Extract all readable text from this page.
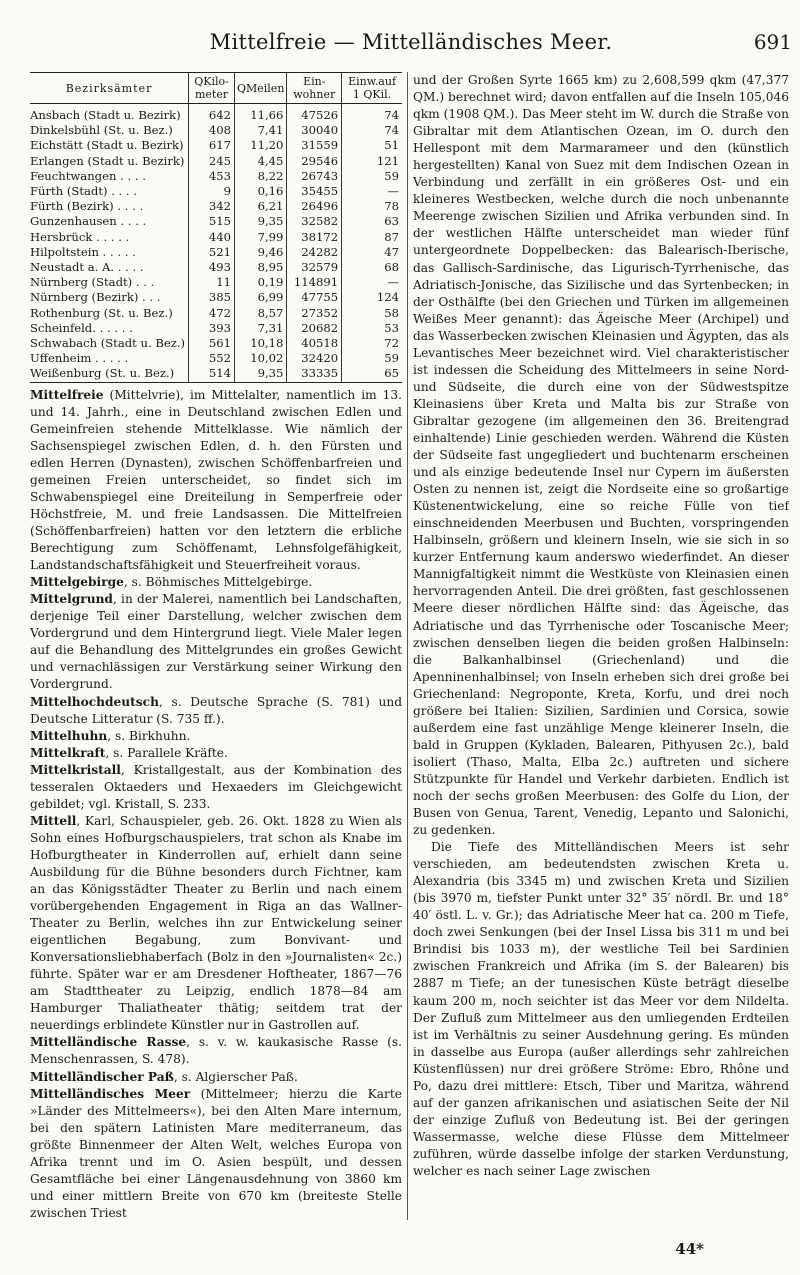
Mittelfreie — Mittelländisches Meer.	691
Bezirksämter	QKilo-meter	QMeilen	Ein-wohner	Einw.auf 1 QKil.
Ansbach (Stadt u. Bezirk)	642	11,66	47526	74
Dinkelsbühl (St. u. Bez.)	408	7,41	30040	74
Eichstätt (Stadt u. Bezirk)	617	11,20	31559	51
Erlangen (Stadt u. Bezirk)	245	4,45	29546	121
Feuchtwangen . . . .	453	8,22	26743	59
Fürth (Stadt) . . . .	9	0,16	35455	—
Fürth (Bezirk) . . . .	342	6,21	26496	78
Gunzenhausen . . . .	515	9,35	32582	63
Hersbrück . . . . .	440	7,99	38172	87
Hilpoltstein . . . . .	521	9,46	24282	47
Neustadt a. A. . . . .	493	8,95	32579	68
Nürnberg (Stadt) . . .	11	0,19	114891	—
Nürnberg (Bezirk) . . .	385	6,99	47755	124
Rothenburg (St. u. Bez.)	472	8,57	27352	58
Scheinfeld. . . . . .	393	7,31	20682	53
Schwabach (Stadt u. Bez.)	561	10,18	40518	72
Uffenheim . . . . .	552	10,02	32420	59
Weißenburg (St. u. Bez.)	514	9,35	33335	65

Mittelfreie (Mittelvrie), im Mittelalter, namentlich im 13. und 14. Jahrh., eine in Deutschland zwischen Edlen und Gemeinfreien stehende Mittelklasse. Wie nämlich der Sachsenspiegel zwischen Edlen, d. h. den Fürsten und edlen Herren (Dynasten), zwischen Schöffenbarfreien und gemeinen Freien unterscheidet, so findet sich im Schwabenspiegel eine Dreiteilung in Semperfreie oder Höchstfreie, M. und freie Landsassen. Die Mittelfreien (Schöffenbarfreien) hatten vor den letztern die erbliche Berechtigung zum Schöffenamt, Lehnsfolgefähigkeit, Landstandschaftsfähigkeit und Steuerfreiheit voraus.

Mittelgebirge, s. Böhmisches Mittelgebirge.

Mittelgrund, in der Malerei, namentlich bei Landschaften, derjenige Teil einer Darstellung, welcher zwischen dem Vordergrund und dem Hintergrund liegt. Viele Maler legen auf die Behandlung des Mittelgrundes ein großes Gewicht und vernachlässigen zur Verstärkung seiner Wirkung den Vordergrund.

Mittelhochdeutsch, s. Deutsche Sprache (S. 781) und Deutsche Litteratur (S. 735 ff.).

Mittelhuhn, s. Birkhuhn.

Mittelkraft, s. Parallele Kräfte.

Mittelkristall, Kristallgestalt, aus der Kombination des tesseralen Oktaeders und Hexaeders im Gleichgewicht gebildet; vgl. Kristall, S. 233.

Mittell, Karl, Schauspieler, geb. 26. Okt. 1828 zu Wien als Sohn eines Hofburgschauspielers, trat schon als Knabe im Hofburgtheater in Kinderrollen auf, erhielt dann seine Ausbildung für die Bühne besonders durch Fichtner, kam an das Königsstädter Theater zu Berlin und nach einem vorübergehenden Engagement in Riga an das Wallner-Theater zu Berlin, welches ihn zur Entwickelung seiner eigentlichen Begabung, zum Bonvivant- und Konversationsliebhaberfach (Bolz in den »Journalisten« 2c.) führte. Später war er am Dresdener Hoftheater, 1867—76 am Stadttheater zu Leipzig, endlich 1878—84 am Hamburger Thaliatheater thätig; seitdem trat der neuerdings erblindete Künstler nur in Gastrollen auf.

Mittelländische Rasse, s. v. w. kaukasische Rasse (s. Menschenrassen, S. 478).

Mittelländischer Paß, s. Algierscher Paß.

Mittelländisches Meer (Mittelmeer; hierzu die Karte »Länder des Mittelmeers«), bei den Alten Mare internum, bei den spätern Latinisten Mare mediterraneum, das größte Binnenmeer der Alten Welt, welches Europa von Afrika trennt und im O. Asien bespült, und dessen Gesamtfläche bei einer Längenausdehnung von 3860 km und einer mittlern Breite von 670 km (breiteste Stelle zwischen Triest

und der Großen Syrte 1665 km) zu 2,608,599 qkm (47,377 QM.) berechnet wird; davon entfallen auf die Inseln 105,046 qkm (1908 QM.). Das Meer steht im W. durch die Straße von Gibraltar mit dem Atlantischen Ozean, im O. durch den Hellespont mit dem Marmarameer und den (künstlich hergestellten) Kanal von Suez mit dem Indischen Ozean in Verbindung und zerfällt in ein größeres Ost- und ein kleineres Westbecken, welche durch die noch unbenannte Meerenge zwischen Sizilien und Afrika verbunden sind. In der westlichen Hälfte unterscheidet man wieder fünf untergeordnete Doppelbecken: das Balearisch-Iberische, das Gallisch-Sardinische, das Ligurisch-Tyrrhenische, das Adriatisch-Jonische, das Sizilische und das Syrtenbecken; in der Osthälfte (bei den Griechen und Türken im allgemeinen Weißes Meer genannt): das Ägeische Meer (Archipel) und das Wasserbecken zwischen Kleinasien und Ägypten, das als Levantisches Meer bezeichnet wird. Viel charakteristischer ist indessen die Scheidung des Mittelmeers in seine Nord- und Südseite, die durch eine von der Südwestspitze Kleinasiens über Kreta und Malta bis zur Straße von Gibraltar gezogene (im allgemeinen den 36. Breitengrad einhaltende) Linie geschieden werden. Während die Küsten der Südseite fast ungegliedert und buchtenarm erscheinen und als einzige bedeutende Insel nur Cypern im äußersten Osten zu nennen ist, zeigt die Nordseite eine so großartige Küstenentwickelung, eine so reiche Fülle von tief einschneidenden Meerbusen und Buchten, vorspringenden Halbinseln, größern und kleinern Inseln, wie sie sich in so kurzer Entfernung kaum anderswo wiederfindet. An dieser Mannigfaltigkeit nimmt die Westküste von Kleinasien einen hervorragenden Anteil. Die drei größten, fast geschlossenen Meere dieser nördlichen Hälfte sind: das Ägeische, das Adriatische und das Tyrrhenische oder Toscanische Meer; zwischen denselben liegen die beiden großen Halbinseln: die Balkanhalbinsel (Griechenland) und die Apenninenhalbinsel; von Inseln erheben sich drei große bei Griechenland: Negroponte, Kreta, Korfu, und drei noch größere bei Italien: Sizilien, Sardinien und Corsica, sowie außerdem eine fast unzählige Menge kleinerer Inseln, die bald in Gruppen (Kykladen, Balearen, Pithyusen 2c.), bald isoliert (Thaso, Malta, Elba 2c.) auftreten und sichere Stützpunkte für Handel und Verkehr darbieten. Endlich ist noch der sechs großen Meerbusen: des Golfe du Lion, der Busen von Genua, Tarent, Venedig, Lepanto und Salonichi, zu gedenken.

Die Tiefe des Mittelländischen Meers ist sehr verschieden, am bedeutendsten zwischen Kreta u. Alexandria (bis 3345 m) und zwischen Kreta und Sizilien (bis 3970 m, tiefster Punkt unter 32° 35′ nördl. Br. und 18° 40′ östl. L. v. Gr.); das Adriatische Meer hat ca. 200 m Tiefe, doch zwei Senkungen (bei der Insel Lissa bis 311 m und bei Brindisi bis 1033 m), der westliche Teil bei Sardinien zwischen Frankreich und Afrika (im S. der Balearen) bis 2887 m Tiefe; an der tunesischen Küste beträgt dieselbe kaum 200 m, noch seichter ist das Meer vor dem Nildelta. Der Zufluß zum Mittelmeer aus den umliegenden Erdteilen ist im Verhältnis zu seiner Ausdehnung gering. Es münden in dasselbe aus Europa (außer allerdings sehr zahlreichen Küstenflüssen) nur drei größere Ströme: Ebro, Rhône und Po, dazu drei mittlere: Etsch, Tiber und Maritza, während auf der ganzen afrikanischen und asiatischen Seite der Nil der einzige Zufluß von Bedeutung ist. Bei der geringen Wassermasse, welche diese Flüsse dem Mittelmeer zuführen, würde dasselbe infolge der starken Verdunstung, welcher es nach seiner Lage zwischen

44*
